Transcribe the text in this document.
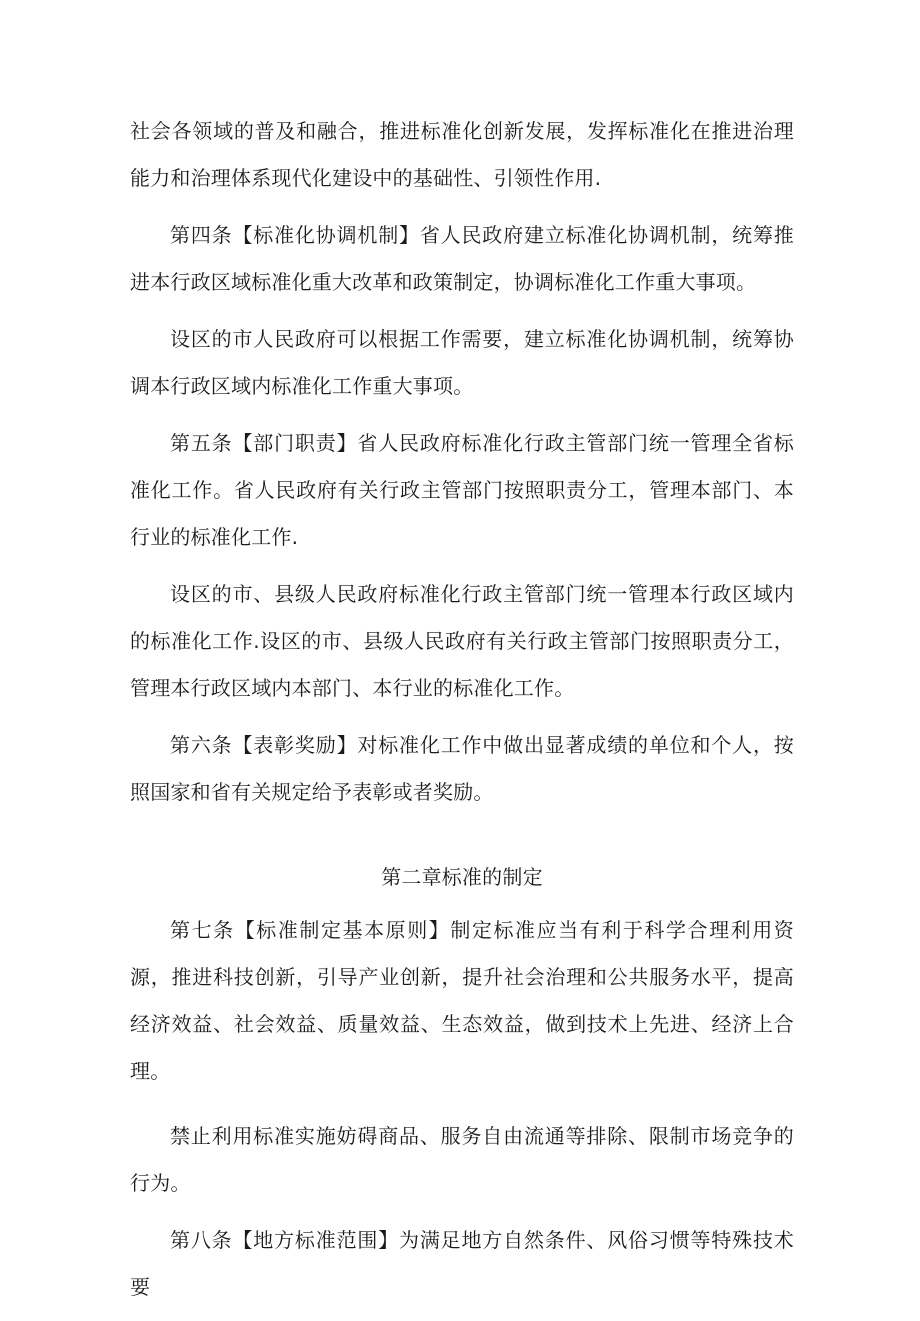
社会各领域的普及和融合，推进标准化创新发展，发挥标准化在推进治理能力和治理体系现代化建设中的基础性、引领性作用.

第四条【标准化协调机制】省人民政府建立标准化协调机制，统筹推进本行政区域标准化重大改革和政策制定，协调标准化工作重大事项。

设区的市人民政府可以根据工作需要，建立标准化协调机制，统筹协调本行政区域内标准化工作重大事项。

第五条【部门职责】省人民政府标准化行政主管部门统一管理全省标准化工作。省人民政府有关行政主管部门按照职责分工，管理本部门、本行业的标准化工作.

设区的市、县级人民政府标准化行政主管部门统一管理本行政区域内的标准化工作.设区的市、县级人民政府有关行政主管部门按照职责分工，管理本行政区域内本部门、本行业的标准化工作。

第六条【表彰奖励】对标准化工作中做出显著成绩的单位和个人，按照国家和省有关规定给予表彰或者奖励。

第二章标准的制定

第七条【标准制定基本原则】制定标准应当有利于科学合理利用资源，推进科技创新，引导产业创新，提升社会治理和公共服务水平，提高经济效益、社会效益、质量效益、生态效益，做到技术上先进、经济上合理。

禁止利用标准实施妨碍商品、服务自由流通等排除、限制市场竞争的行为。

第八条【地方标准范围】为满足地方自然条件、风俗习惯等特殊技术要
